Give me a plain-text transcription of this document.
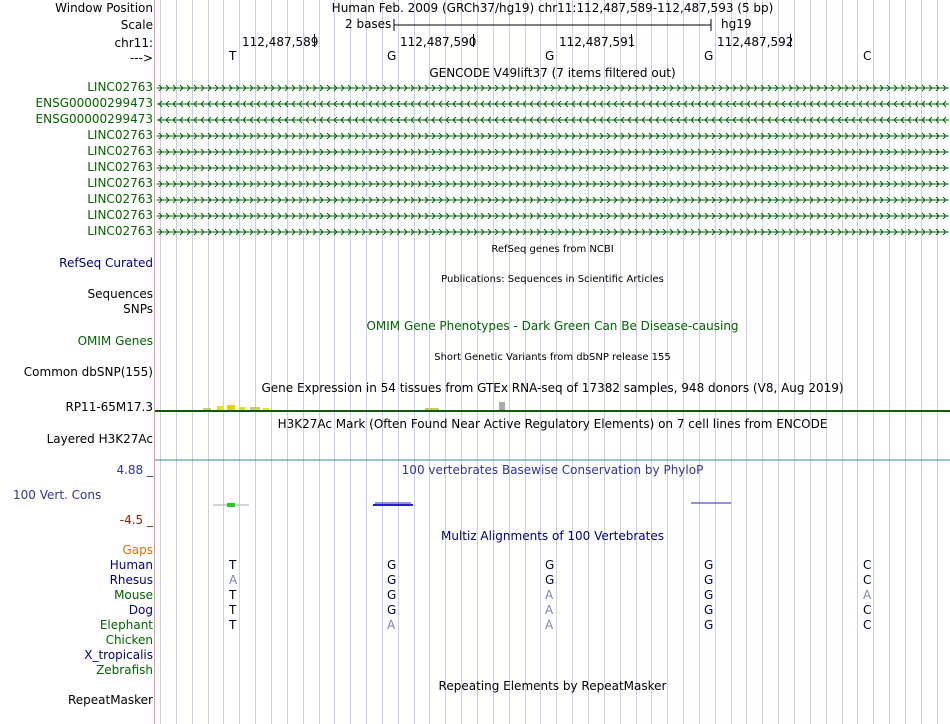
Window Position	Human Feb. 2009 (GRCh37/hg19) chr11:112,487,589-112,487,593 (5 bp)
Scale	2 bases	hg19
chr11:	112,487,589	112,487,590	112,487,591	112,487,592
--->	T	G	G	G	C
GENCODE V49lift37 (7 items filtered out)
LINC02763
ENSG00000299473
ENSG00000299473
LINC02763
LINC02763
LINC02763
LINC02763
LINC02763
LINC02763
LINC02763
RefSeq genes from NCBI
RefSeq Curated
Publications: Sequences in Scientific Articles
Sequences
SNPs
OMIM Gene Phenotypes - Dark Green Can Be Disease-causing
OMIM Genes
Short Genetic Variants from dbSNP release 155
Common dbSNP(155)
Gene Expression in 54 tissues from GTEx RNA-seq of 17382 samples, 948 donors (V8, Aug 2019)
RP11-65M17.3
H3K27Ac Mark (Often Found Near Active Regulatory Elements) on 7 cell lines from ENCODE
Layered H3K27Ac
4.88 _	100 vertebrates Basewise Conservation by PhyloP
100 Vert. Cons
-4.5 _
Multiz Alignments of 100 Vertebrates
Gaps
Human	T	G	G	G	C
Rhesus	A	G	G	G	C
Mouse	T	G	A	G	A
Dog	T	G	A	G	C
Elephant	T	A	A	G	C
Chicken
X_tropicalis
Zebrafish
Repeating Elements by RepeatMasker
RepeatMasker
